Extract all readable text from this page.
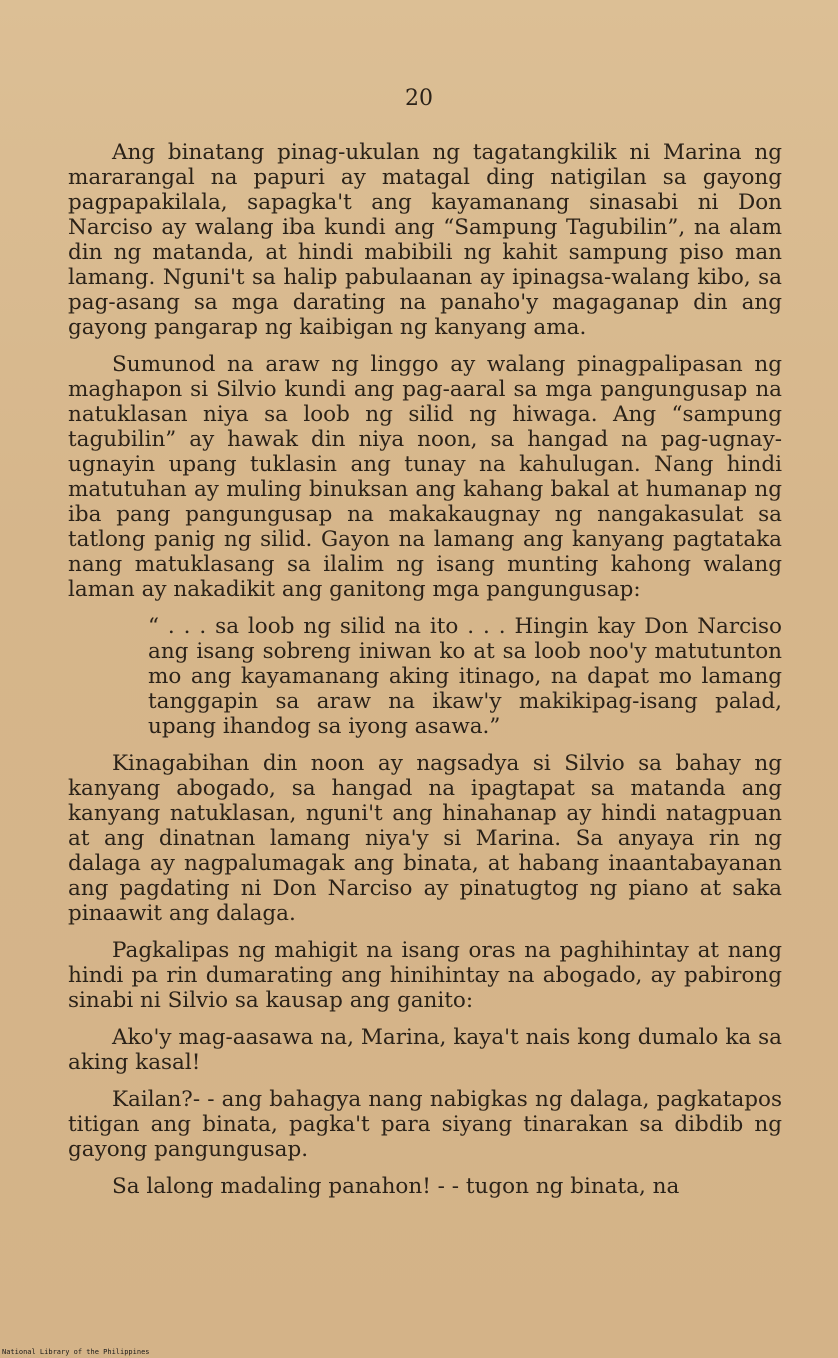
20

Ang binatang pinag-ukulan ng tagatangkilik ni Marina ng mararangal na papuri ay matagal ding natigilan sa gayong pagpapakilala, sapagka't ang kayamanang sinasabi ni Don Narciso ay walang iba kundi ang “Sampung Tagubilin”, na alam din ng matanda, at hindi mabibili ng kahit sampung piso man lamang. Nguni't sa halip pabulaanan ay ipinagsa-walang kibo, sa pag-asang sa mga darating na panaho'y magaganap din ang gayong pangarap ng kaibigan ng kanyang ama.

Sumunod na araw ng linggo ay walang pinagpalipasan ng maghapon si Silvio kundi ang pag-aaral sa mga pangungusap na natuklasan niya sa loob ng silid ng hiwaga. Ang “sampung tagubilin” ay hawak din niya noon, sa hangad na pag-ugnay-ugnayin upang tuklasin ang tunay na kahulugan. Nang hindi matutuhan ay muling binuksan ang kahang bakal at humanap ng iba pang pangungusap na makakaugnay ng nangakasulat sa tatlong panig ng silid. Gayon na lamang ang kanyang pagtataka nang matuklasang sa ilalim ng isang munting kahong walang laman ay nakadikit ang ganitong mga pangungusap:

“ . . . sa loob ng silid na ito . . . Hingin kay Don Narciso ang isang sobreng iniwan ko at sa loob noo'y matutunton mo ang kayamanang aking itinago, na dapat mo lamang tanggapin sa araw na ikaw'y makikipag-isang palad, upang ihandog sa iyong asawa.”

Kinagabihan din noon ay nagsadya si Silvio sa bahay ng kanyang abogado, sa hangad na ipagtapat sa matanda ang kanyang natuklasan, nguni't ang hinahanap ay hindi natagpuan at ang dinatnan lamang niya'y si Marina. Sa anyaya rin ng dalaga ay nagpalumagak ang binata, at habang inaantabayanan ang pagdating ni Don Narciso ay pinatugtog ng piano at saka pinaawit ang dalaga.

Pagkalipas ng mahigit na isang oras na paghihintay at nang hindi pa rin dumarating ang hinihintay na abogado, ay pabirong sinabi ni Silvio sa kausap ang ganito:

Ako'y mag-aasawa na, Marina, kaya't nais kong dumalo ka sa aking kasal!

Kailan?- - ang bahagya nang nabigkas ng dalaga, pagkatapos titigan ang binata, pagka't para siyang tinarakan sa dibdib ng gayong pangungusap.

Sa lalong madaling panahon! - - tugon ng binata, na

National Library of the Philippines
